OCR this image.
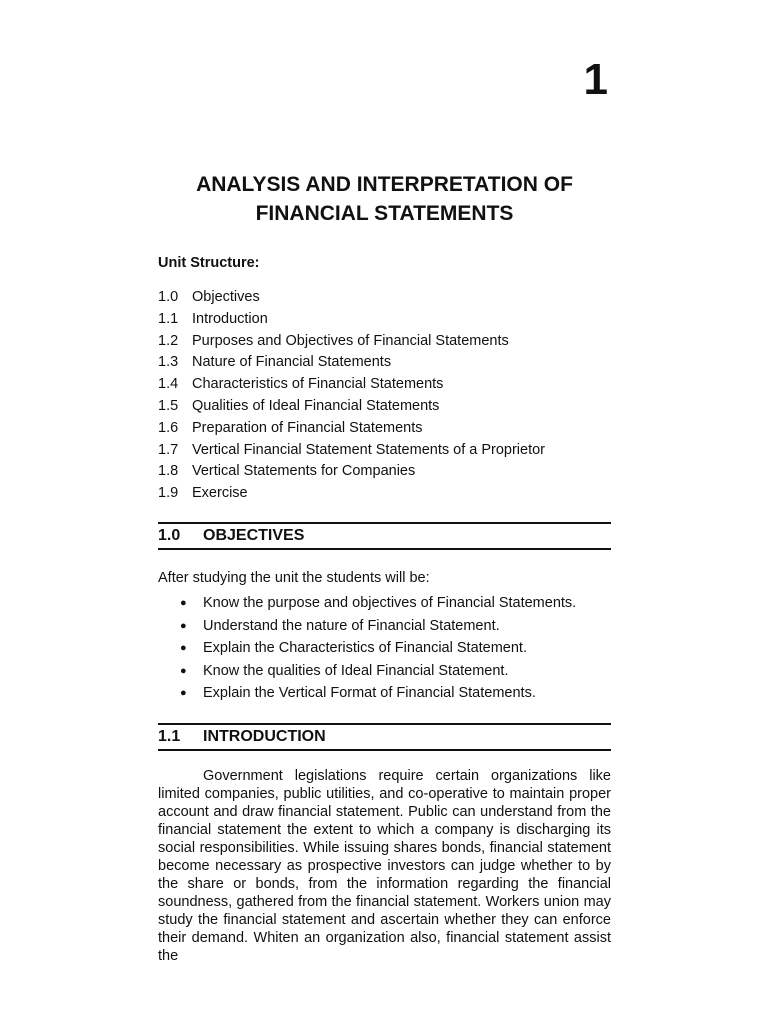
1
ANALYSIS AND INTERPRETATION OF FINANCIAL STATEMENTS
Unit Structure:
1.0 Objectives
1.1 Introduction
1.2 Purposes and Objectives of Financial Statements
1.3 Nature of Financial Statements
1.4 Characteristics of Financial Statements
1.5 Qualities of Ideal Financial Statements
1.6 Preparation of Financial Statements
1.7 Vertical Financial Statement Statements of a Proprietor
1.8 Vertical Statements for Companies
1.9 Exercise
1.0 OBJECTIVES
After studying the unit the students will be:
● Know the purpose and objectives of Financial Statements.
● Understand the nature of Financial Statement.
● Explain the Characteristics of Financial Statement.
● Know the qualities of Ideal Financial Statement.
● Explain the Vertical Format of Financial Statements.
1.1 INTRODUCTION

Government legislations require certain organizations like limited companies, public utilities, and co-operative to maintain proper account and draw financial statement. Public can understand from the financial statement the extent to which a company is discharging its social responsibilities. While issuing shares bonds, financial statement become necessary as prospective investors can judge whether to by the share or bonds, from the information regarding the financial soundness, gathered from the financial statement. Workers union may study the financial statement and ascertain whether they can enforce their demand. Whiten an organization also, financial statement assist the
